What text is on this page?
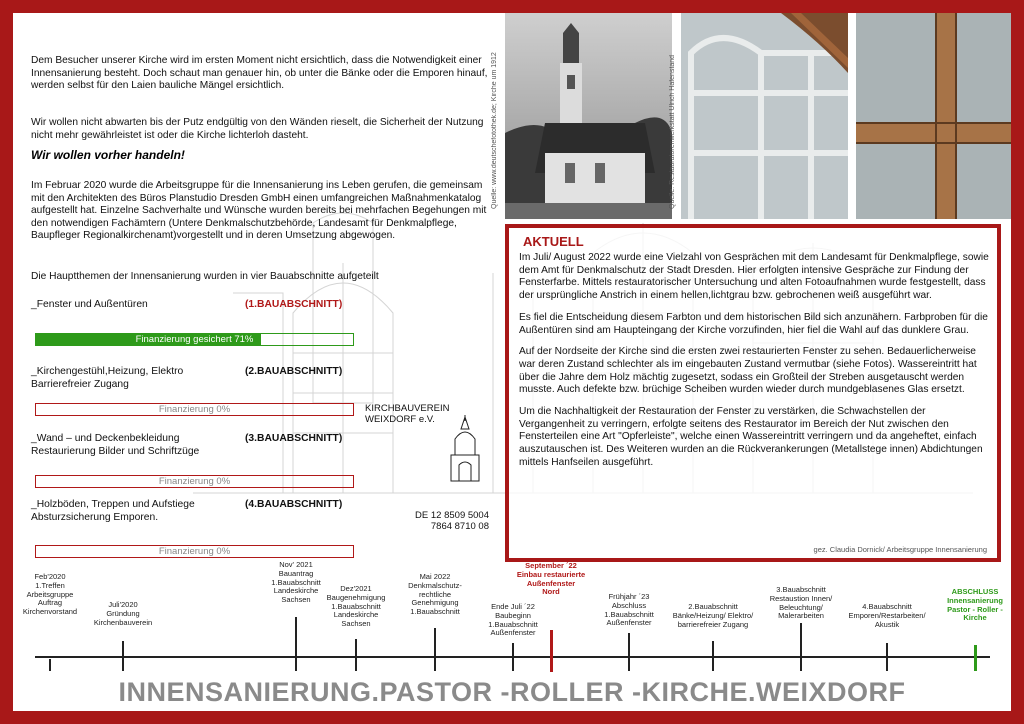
Dem Besucher unserer Kirche wird im ersten Moment nicht ersichtlich, dass die Notwendigkeit einer Innensanierung besteht. Doch schaut man genauer hin, ob unter die Bänke oder die Emporen hinauf, werden selbst für den Laien bauliche Mängel ersichtlich.
Wir wollen nicht abwarten bis der Putz endgültig von den Wänden rieselt, die Sicherheit der Nutzung nicht mehr gewährleistet ist oder die Kirche lichterloh dasteht.
Wir wollen vorher handeln!
Im Februar 2020 wurde die Arbeitsgruppe für die Innensanierung ins Leben gerufen, die gemeinsam mit den Architekten des Büros Planstudio Dresden GmbH einen umfangreichen Maßnahmenkatalog aufgestellt hat. Einzelne Sachverhalte und Wünsche wurden bereits bei mehrfachen Begehungen mit den notwendigen Fachämtern (Untere Denkmalschutzbehörde, Landesamt für Denkmalpflege, Baupfleger Regionalkirchenamt)vorgestellt und in deren Umsetzung abgewogen.
Die Hauptthemen der Innensanierung wurden in vier Bauabschnitte aufgeteilt
_Fenster und Außentüren	(1.BAUABSCHNITT)
Finanzierung gesichert 71%
_Kirchengestühl,Heizung, Elektro
Barrierefreier Zugang
(2.BAUABSCHNITT)
Finanzierung 0%
_Wand – und Deckenbekleidung
Restaurierung Bilder und Schriftzüge
(3.BAUABSCHNITT)
Finanzierung 0%
_Holzböden, Treppen und Aufstiege
Absturzsicherung Emporen.
(4.BAUABSCHNITT)
Finanzierung 0%
KIRCHBAUVEREIN
WEIXDORF e.V.
DE 12 8509 5004
7864 8710 08
Quelle: www.deutschefotothek.de; Kirche um 1912	Quelle: Restauratorenwerkstatt Ulrich Hafenstand
AKTUELL

Im Juli/ August 2022 wurde eine Vielzahl von Gesprächen mit dem Landesamt für Denkmalpflege, sowie dem Amt für Denkmalschutz der Stadt Dresden. Hier erfolgten intensive Gespräche zur Findung der Fensterfarbe. Mittels restauratorischer Untersuchung und alten Fotoaufnahmen wurde festgestellt, dass der ursprüngliche Anstrich in einem hellen,lichtgrau bzw. gebrochenen weiß ausgeführt war.

Es fiel die Entscheidung diesem Farbton und dem historischen Bild sich anzunähern. Farbproben für die Außentüren sind am Haupteingang der Kirche vorzufinden, hier fiel die Wahl auf das dunklere Grau.

Auf der Nordseite der Kirche sind die ersten zwei restaurierten Fenster zu sehen. Bedauerlicherweise war deren Zustand schlechter als im eingebauten Zustand vermutbar (siehe Fotos). Wassereintritt hat über die Jahre dem Holz mächtig zugesetzt, sodass ein Großteil der Streben ausgetauscht werden musste. Auch defekte bzw. brüchige Scheiben wurden wieder durch mundgeblasenes Glas ersetzt.

Um die Nachhaltigkeit der Restauration der Fenster zu verstärken, die Schwachstellen der Vergangenheit zu verringern, erfolgte seitens des Restaurator im Bereich der Nut zwischen den Fensterteilen eine Art "Opferleiste", welche einen Wassereintritt verringern und da angeheftet, einfach auszutauschen ist. Des Weiteren wurden an die Rückverankerungen (Metallstege innen) Abdichtungen mittels Hanfseilen ausgeführt.

gez. Claudia Dornick/ Arbeitsgruppe Innensanierung
Feb'2020
1.Treffen
Arbeitsgruppe
Auftrag
Kirchenvorstand
Juli'2020
Gründung
Kirchenbauverein
Nov' 2021
Bauantrag
1.Bauabschnitt
Landeskirche
Sachsen
Dez'2021
Baugenehmigung
1.Bauabschnitt
Landeskirche
Sachsen
Mai 2022
Denkmalschutz-
rechtliche
Genehmigung
1.Bauabschnitt
Ende Juli ´22
Baubeginn
1.Bauabschnitt
Außenfenster
September ´22
Einbau restaurierte
Außenfenster
Nord
Frühjahr ´23
Abschluss
1.Bauabschnitt
Außenfenster
2.Bauabschnitt
Bänke/Heizung/ Elektro/
barrierefreier Zugang
3.Bauabschnitt
Restaustion Innen/
Beleuchtung/
Malerarbeiten
4.Bauabschnitt
Emporen/Restarbeiten/
Akustik
ABSCHLUSS
Innensanierung
Pastor - Roller -
Kirche
INNENSANIERUNG.PASTOR -ROLLER -KIRCHE.WEIXDORF
